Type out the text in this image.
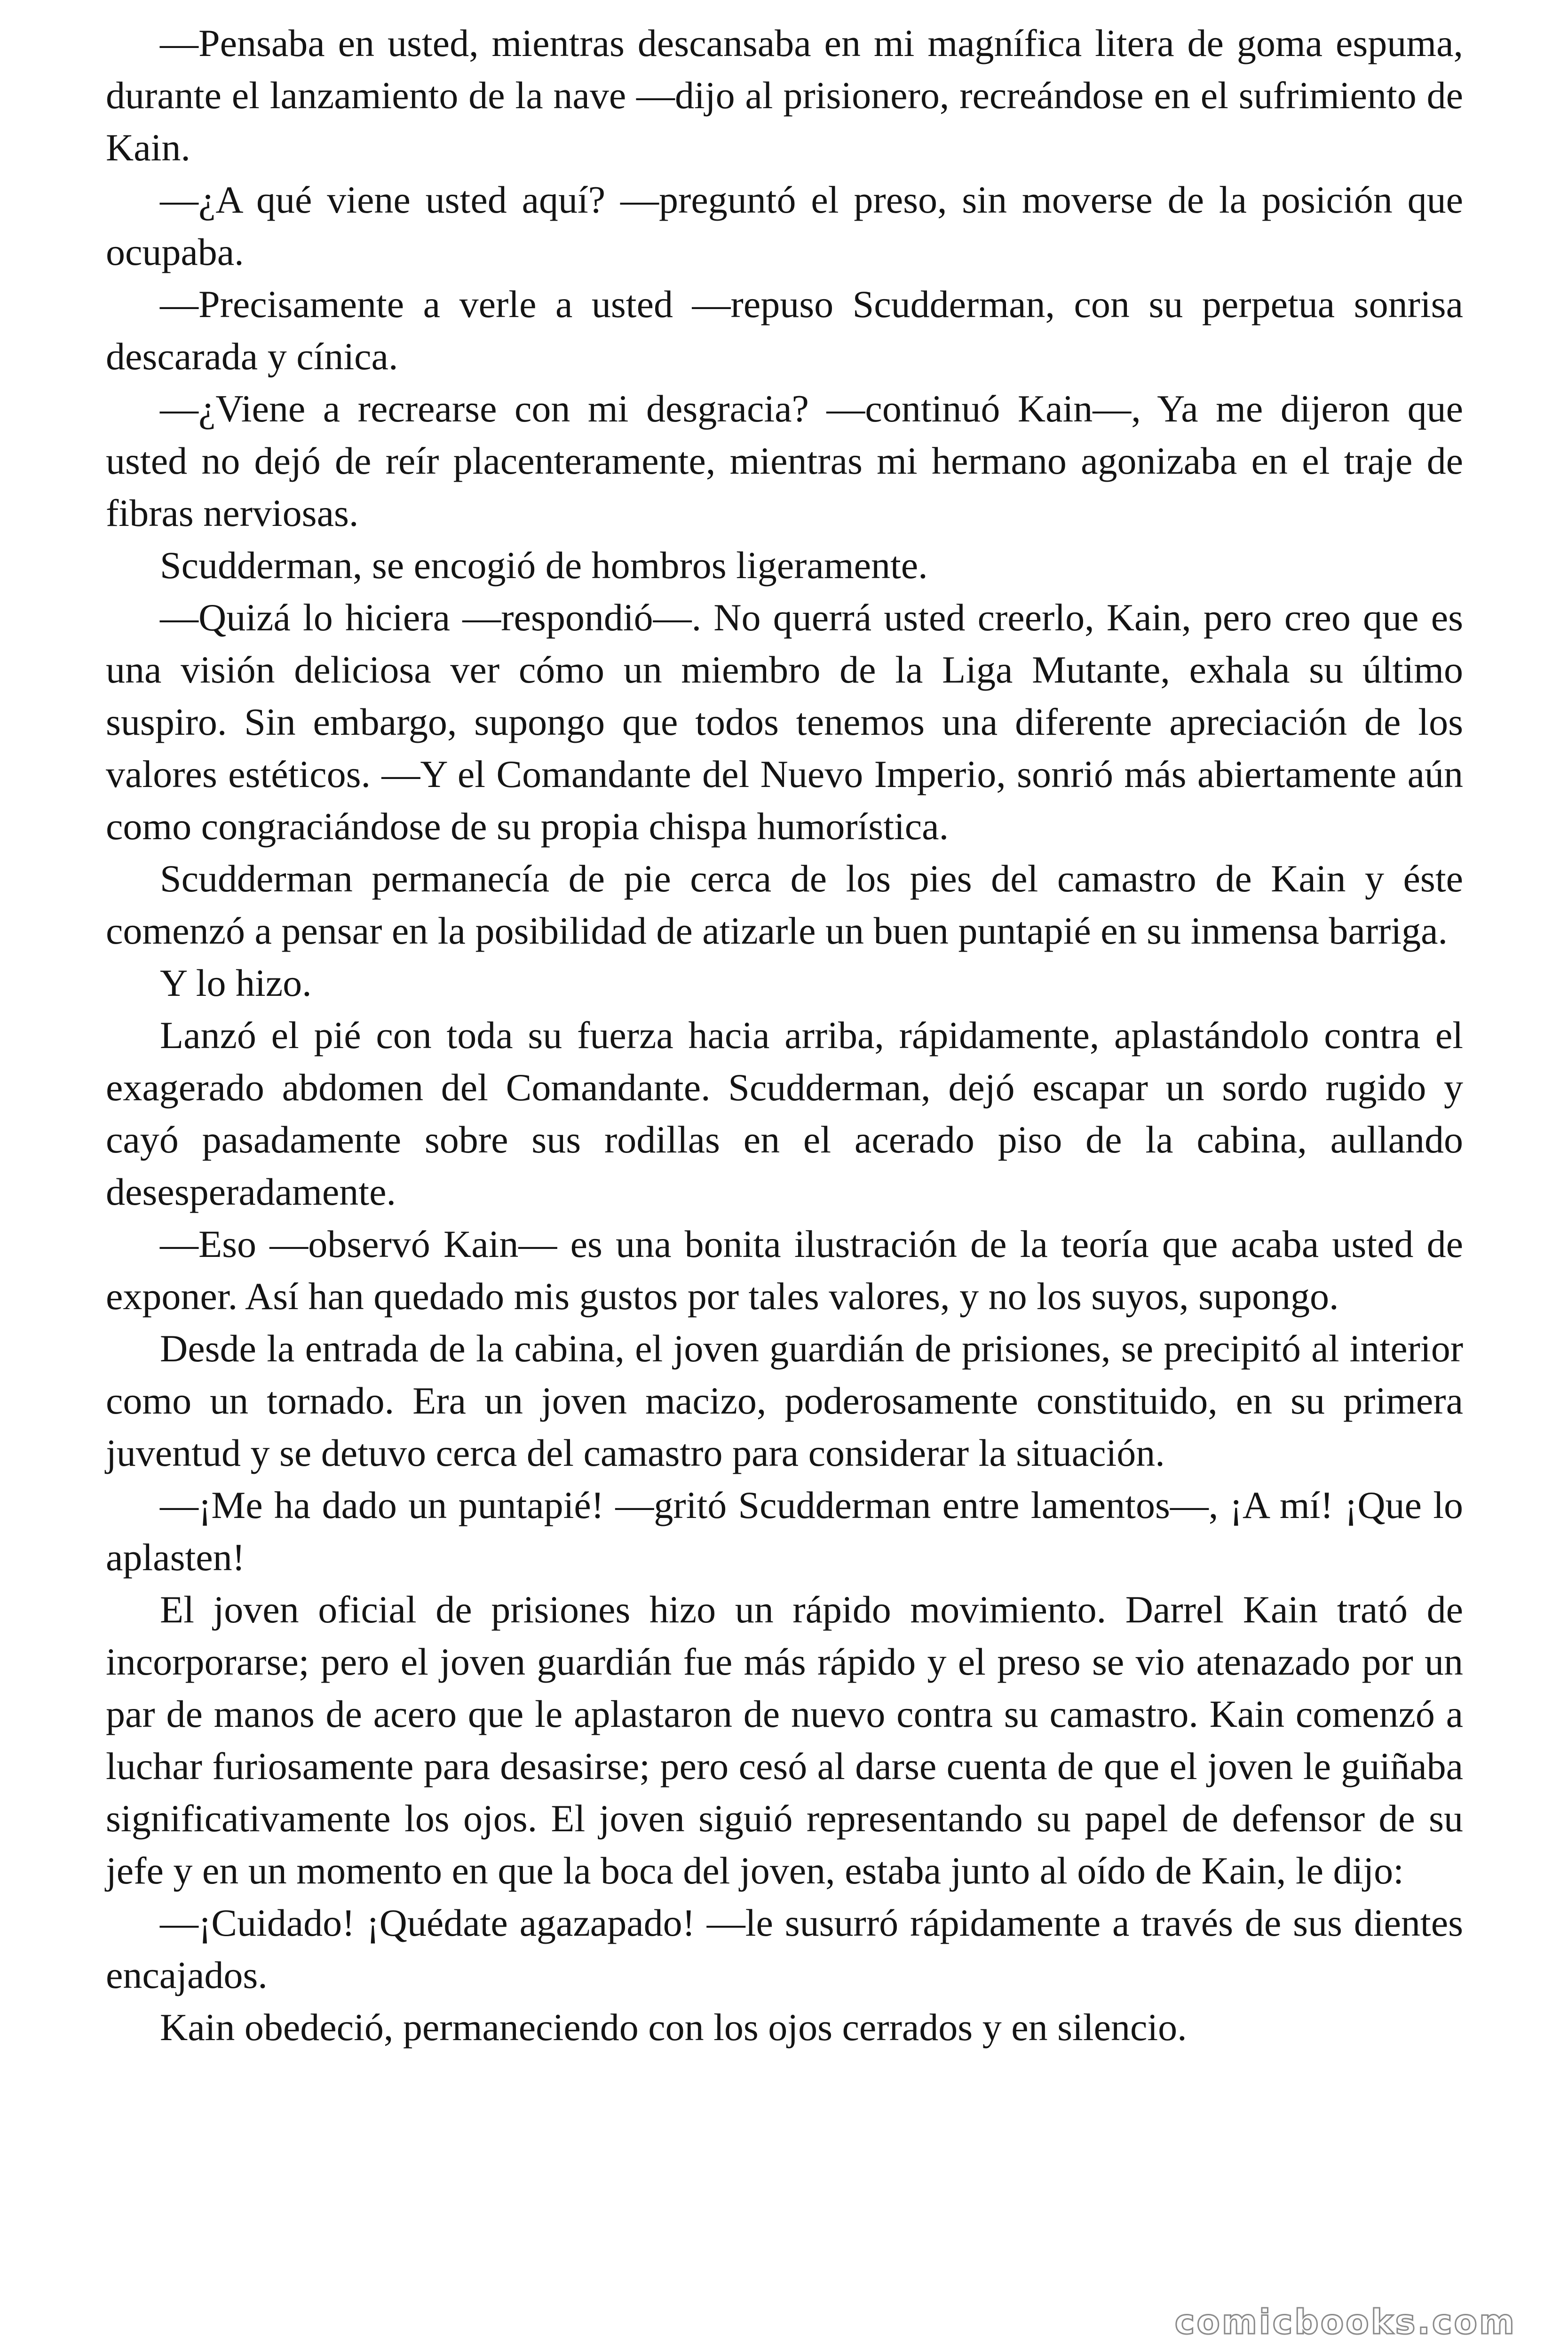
—Pensaba en usted, mientras descansaba en mi magnífica litera de goma espuma, durante el lanzamiento de la nave —dijo al prisionero, recreándose en el sufrimiento de Kain.

—¿A qué viene usted aquí? —preguntó el preso, sin moverse de la posición que ocupaba.

—Precisamente a verle a usted —repuso Scudderman, con su perpetua sonrisa descarada y cínica.

—¿Viene a recrearse con mi desgracia? —continuó Kain—, Ya me dijeron que usted no dejó de reír placenteramente, mientras mi hermano agonizaba en el traje de fibras nerviosas.

Scudderman, se encogió de hombros ligeramente.

—Quizá lo hiciera —respondió—. No querrá usted creerlo, Kain, pero creo que es una visión deliciosa ver cómo un miembro de la Liga Mutante, exhala su último suspiro. Sin embargo, supongo que todos tenemos una diferente apreciación de los valores estéticos. —Y el Comandante del Nuevo Imperio, sonrió más abiertamente aún como congraciándose de su propia chispa humorística.

Scudderman permanecía de pie cerca de los pies del camastro de Kain y éste comenzó a pensar en la posibilidad de atizarle un buen puntapié en su inmensa barriga.

Y lo hizo.

Lanzó el pié con toda su fuerza hacia arriba, rápidamente, aplastándolo contra el exagerado abdomen del Comandante. Scudderman, dejó escapar un sordo rugido y cayó pasadamente sobre sus rodillas en el acerado piso de la cabina, aullando desesperadamente.

—Eso —observó Kain— es una bonita ilustración de la teoría que acaba usted de exponer. Así han quedado mis gustos por tales valores, y no los suyos, supongo.

Desde la entrada de la cabina, el joven guardián de prisiones, se precipitó al interior como un tornado. Era un joven macizo, poderosamente constituido, en su primera juventud y se detuvo cerca del camastro para considerar la situación.

—¡Me ha dado un puntapié! —gritó Scudderman entre lamentos—, ¡A mí! ¡Que lo aplasten!

El joven oficial de prisiones hizo un rápido movimiento. Darrel Kain trató de incorporarse; pero el joven guardián fue más rápido y el preso se vio atenazado por un par de manos de acero que le aplastaron de nuevo contra su camastro. Kain comenzó a luchar furiosamente para desasirse; pero cesó al darse cuenta de que el joven le guiñaba significativamente los ojos. El joven siguió representando su papel de defensor de su jefe y en un momento en que la boca del joven, estaba junto al oído de Kain, le dijo:

—¡Cuidado! ¡Quédate agazapado! —le susurró rápidamente a través de sus dientes encajados.

Kain obedeció, permaneciendo con los ojos cerrados y en silencio.

comicbooks.com
